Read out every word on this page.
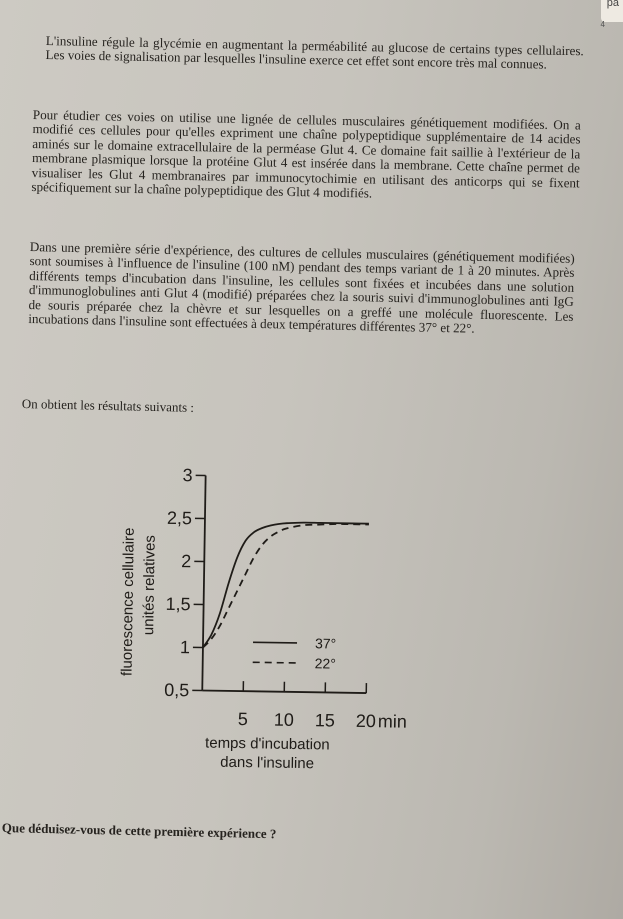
pa
4

L'insuline régule la glycémie en augmentant la perméabilité au glucose de certains types cellulaires. Les voies de signalisation par lesquelles l'insuline exerce cet effet sont encore très mal connues.

Pour étudier ces voies on utilise une lignée de cellules musculaires génétiquement modifiées. On a modifié ces cellules pour qu'elles expriment une chaîne polypeptidique supplémentaire de 14 acides aminés sur le domaine extracellulaire de la perméase Glut 4. Ce domaine fait saillie à l'extérieur de la membrane plasmique lorsque la protéine Glut 4 est insérée dans la membrane. Cette chaîne permet de visualiser les Glut 4 membranaires par immunocytochimie en utilisant des anticorps qui se fixent spécifiquement sur la chaîne polypeptidique des Glut 4 modifiés.

Dans une première série d'expérience, des cultures de cellules musculaires (génétiquement modifiées) sont soumises à l'influence de l'insuline (100 nM) pendant des temps variant de 1 à 20 minutes. Après différents temps d'incubation dans l'insuline, les cellules sont fixées et incubées dans une solution d'immunoglobulines anti Glut 4 (modifié) préparées chez la souris suivi d'immunoglobulines anti IgG de souris préparée chez la chèvre et sur lesquelles on a greffé une molécule fluorescente. Les incubations dans l'insuline sont effectuées à deux températures différentes 37° et 22°.

On obtient les résultats suivants :
0,5
1
1,5
2
2,5
3
5 10 15 20 min
temps d'incubation
dans l'insuline
fluorescence cellulaire unités relatives
37°
22°
Que déduisez-vous de cette première expérience ?
